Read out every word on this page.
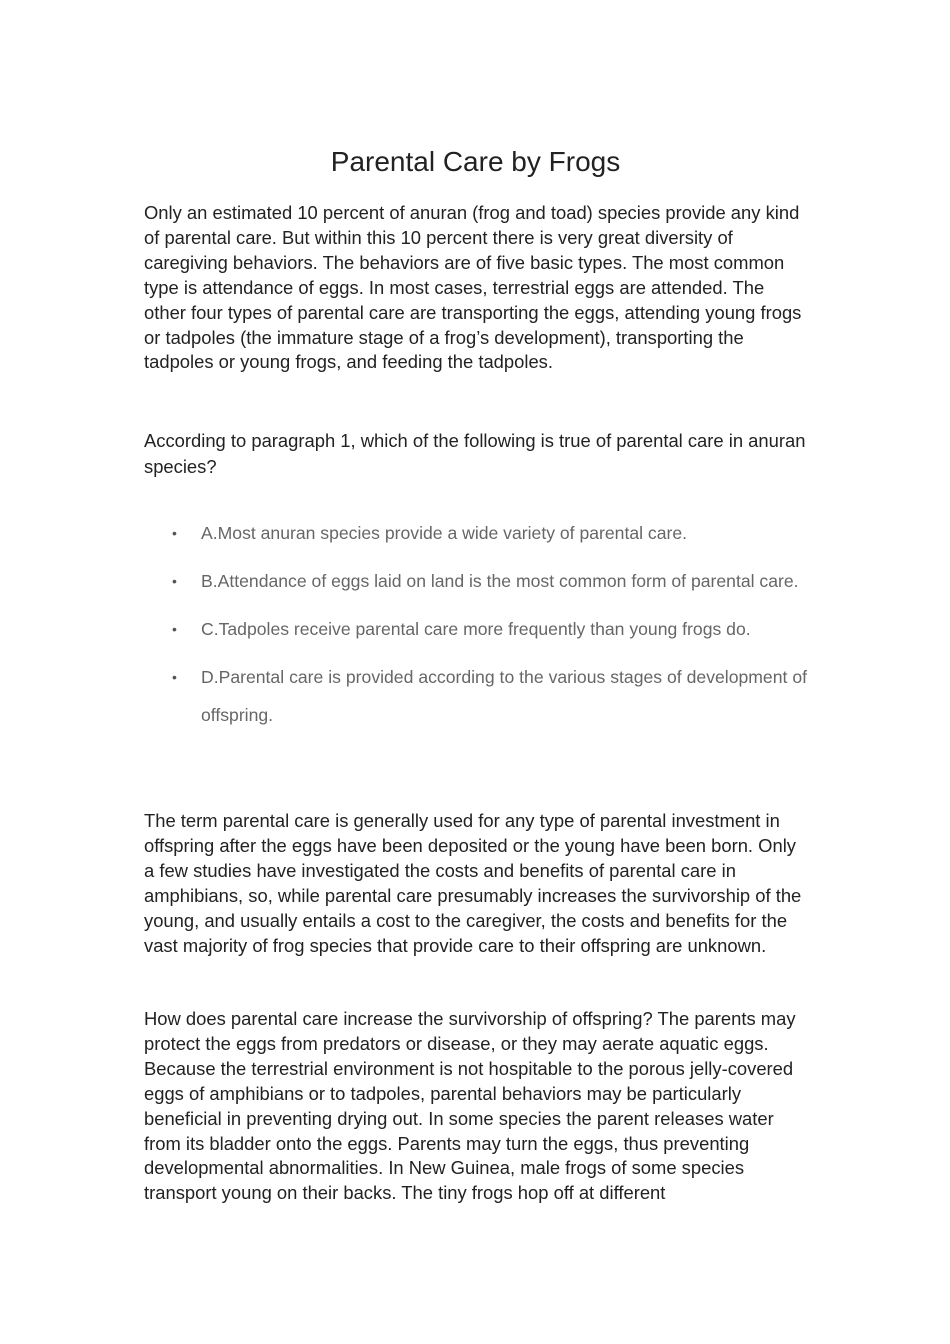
Parental Care by Frogs

Only an estimated 10 percent of anuran (frog and toad) species provide any kind of parental care. But within this 10 percent there is very great diversity of caregiving behaviors. The behaviors are of five basic types. The most common type is attendance of eggs. In most cases, terrestrial eggs are attended. The other four types of parental care are transporting the eggs, attending young frogs or tadpoles (the immature stage of a frog’s development), transporting the tadpoles or young frogs, and feeding the tadpoles.

According to paragraph 1, which of the following is true of parental care in anuran species?

• A.Most anuran species provide a wide variety of parental care.
• B.Attendance of eggs laid on land is the most common form of parental care.
• C.Tadpoles receive parental care more frequently than young frogs do.
• D.Parental care is provided according to the various stages of development of offspring.

The term parental care is generally used for any type of parental investment in offspring after the eggs have been deposited or the young have been born. Only a few studies have investigated the costs and benefits of parental care in amphibians, so, while parental care presumably increases the survivorship of the young, and usually entails a cost to the caregiver, the costs and benefits for the vast majority of frog species that provide care to their offspring are unknown.

How does parental care increase the survivorship of offspring? The parents may protect the eggs from predators or disease, or they may aerate aquatic eggs. Because the terrestrial environment is not hospitable to the porous jelly-covered eggs of amphibians or to tadpoles, parental behaviors may be particularly beneficial in preventing drying out. In some species the parent releases water from its bladder onto the eggs. Parents may turn the eggs, thus preventing developmental abnormalities. In New Guinea, male frogs of some species transport young on their backs. The tiny frogs hop off at different
